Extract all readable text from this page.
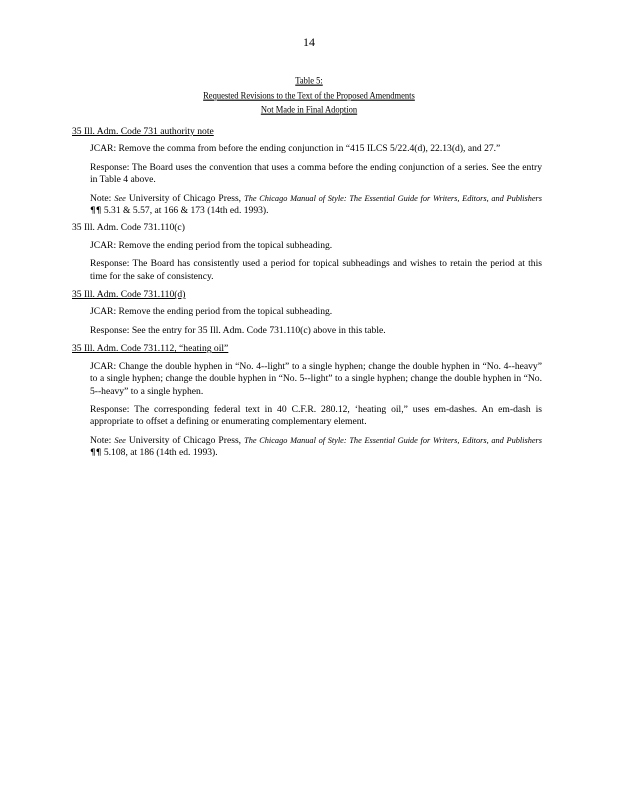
14
Table 5:
Requested Revisions to the Text of the Proposed Amendments
Not Made in Final Adoption
35 Ill. Adm. Code 731 authority note
JCAR: Remove the comma from before the ending conjunction in “415 ILCS 5/22.4(d), 22.13(d), and 27.”
Response: The Board uses the convention that uses a comma before the ending conjunction of a series. See the entry in Table 4 above.
Note: See University of Chicago Press, The Chicago Manual of Style: The Essential Guide for Writers, Editors, and Publishers ¶¶ 5.31 & 5.57, at 166 & 173 (14th ed. 1993).
35 Ill. Adm. Code 731.110(c)
JCAR: Remove the ending period from the topical subheading.
Response: The Board has consistently used a period for topical subheadings and wishes to retain the period at this time for the sake of consistency.
35 Ill. Adm. Code 731.110(d)
JCAR: Remove the ending period from the topical subheading.
Response: See the entry for 35 Ill. Adm. Code 731.110(c) above in this table.
35 Ill. Adm. Code 731.112, “heating oil”
JCAR: Change the double hyphen in “No. 4--light” to a single hyphen; change the double hyphen in “No. 4--heavy” to a single hyphen; change the double hyphen in “No. 5--light” to a single hyphen; change the double hyphen in “No. 5--heavy” to a single hyphen.
Response: The corresponding federal text in 40 C.F.R. 280.12, ‘heating oil,” uses em-dashes. An em-dash is appropriate to offset a defining or enumerating complementary element.
Note: See University of Chicago Press, The Chicago Manual of Style: The Essential Guide for Writers, Editors, and Publishers ¶¶ 5.108, at 186 (14th ed. 1993).
